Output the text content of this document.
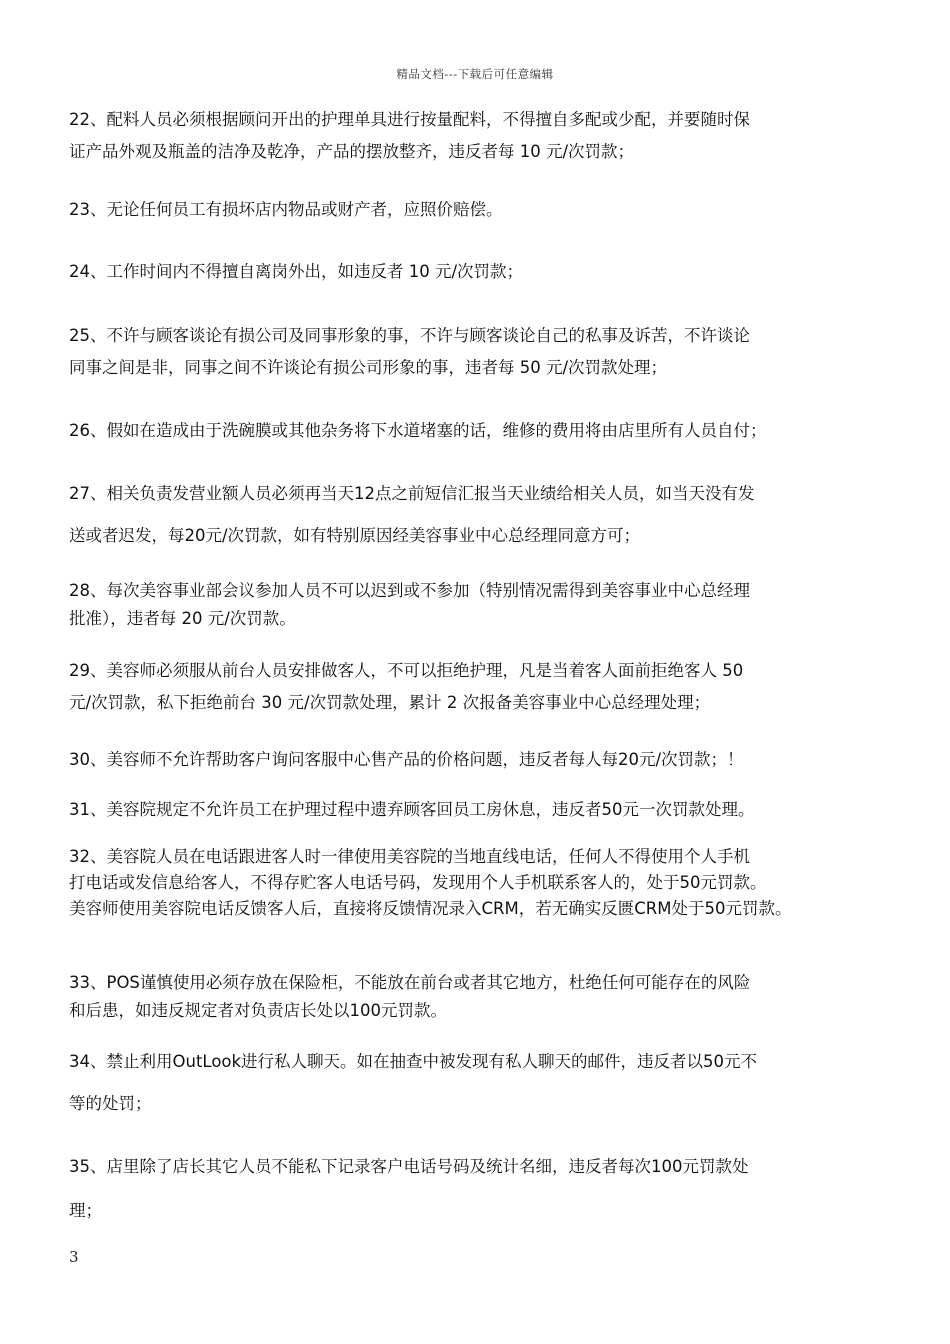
精品文档---下载后可任意编辑
22、配料人员必须根据顾问开出的护理单具进行按量配料，不得擅自多配或少配，并要随时保
证产品外观及瓶盖的洁净及乾净，产品的摆放整齐，违反者每 10 元/次罚款；
23、无论任何员工有损坏店内物品或财产者，应照价赔偿。
24、工作时间内不得擅自离岗外出，如违反者 10 元/次罚款；
25、不许与顾客谈论有损公司及同事形象的事，不许与顾客谈论自己的私事及诉苦，不许谈论
同事之间是非，同事之间不许谈论有损公司形象的事，违者每 50 元/次罚款处理；
26、假如在造成由于洗碗膜或其他杂务将下水道堵塞的话，维修的费用将由店里所有人员自付；
27、相关负责发营业额人员必须再当天12点之前短信汇报当天业绩给相关人员，如当天没有发
送或者迟发，每20元/次罚款，如有特别原因经美容事业中心总经理同意方可；
28、每次美容事业部会议参加人员不可以迟到或不参加（特别情况需得到美容事业中心总经理
批准），违者每 20 元/次罚款。
29、美容师必须服从前台人员安排做客人，不可以拒绝护理，凡是当着客人面前拒绝客人 50
元/次罚款，私下拒绝前台 30 元/次罚款处理，累计 2 次报备美容事业中心总经理处理；
30、美容师不允许帮助客户询问客服中心售产品的价格问题，违反者每人每20元/次罚款；！
31、美容院规定不允许员工在护理过程中遗弃顾客回员工房休息，违反者50元一次罚款处理。
32、美容院人员在电话跟进客人时一律使用美容院的当地直线电话，任何人不得使用个人手机
打电话或发信息给客人，不得存贮客人电话号码，发现用个人手机联系客人的，处于50元罚款。
美容师使用美容院电话反馈客人后，直接将反馈情况录入CRM，若无确实反匮CRM处于50元罚款。
33、POS谨慎使用必须存放在保险柜，不能放在前台或者其它地方，杜绝任何可能存在的风险
和后患，如违反规定者对负责店长处以100元罚款。
34、禁止利用OutLook进行私人聊天。如在抽查中被发现有私人聊天的邮件，违反者以50元不
等的处罚；
35、店里除了店长其它人员不能私下记录客户电话号码及统计名细，违反者每次100元罚款处
理；
3
